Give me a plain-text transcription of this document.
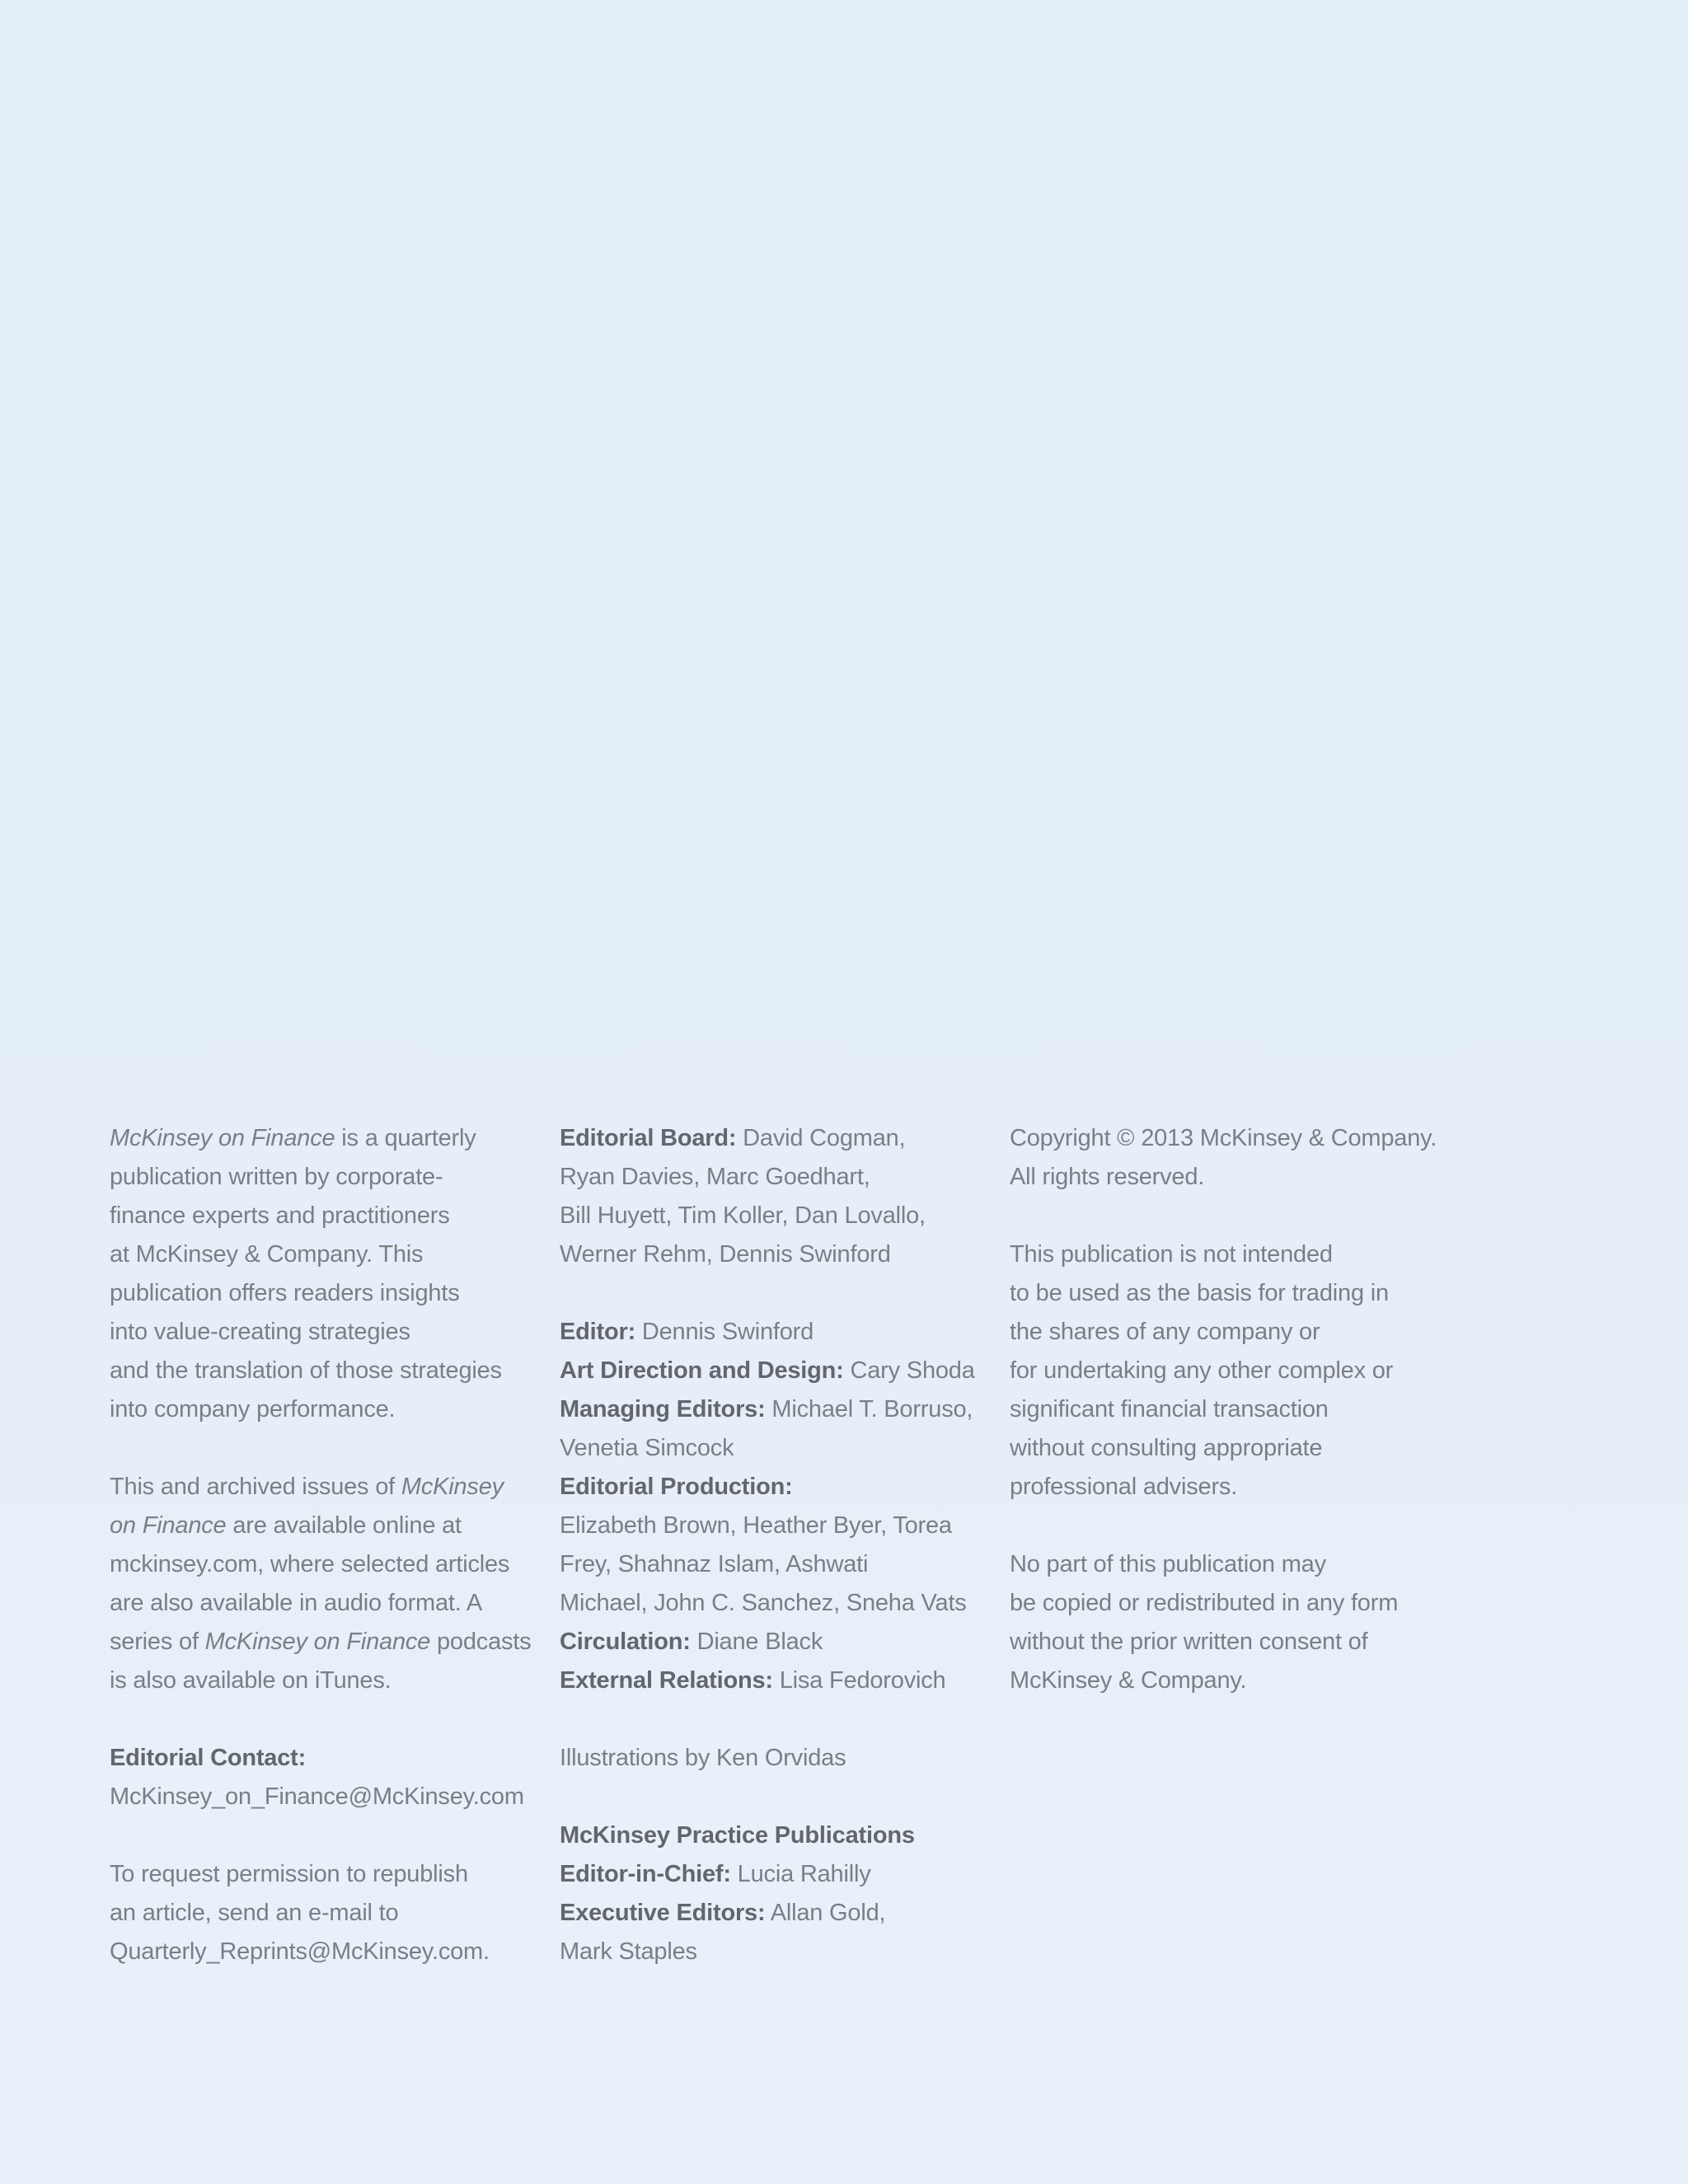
McKinsey on Finance is a quarterly
publication written by corporate-
finance experts and practitioners
at McKinsey & Company. This
publication offers readers insights
into value-creating strategies
and the translation of those strategies
into company performance.
This and archived issues of McKinsey
on Finance are available online at
mckinsey.com, where selected articles
are also available in audio format. A
series of McKinsey on Finance podcasts
is also available on iTunes.
Editorial Contact:
McKinsey_on_Finance@McKinsey.com
To request permission to republish
an article, send an e-mail to
Quarterly_Reprints@McKinsey.com.
Editorial Board: David Cogman,
Ryan Davies, Marc Goedhart,
Bill Huyett, Tim Koller, Dan Lovallo,
Werner Rehm, Dennis Swinford
Editor: Dennis Swinford
Art Direction and Design: Cary Shoda
Managing Editors: Michael T. Borruso,
Venetia Simcock
Editorial Production:
Elizabeth Brown, Heather Byer, Torea
Frey, Shahnaz Islam, Ashwati
Michael, John C. Sanchez, Sneha Vats
Circulation: Diane Black
External Relations: Lisa Fedorovich
Illustrations by Ken Orvidas
McKinsey Practice Publications
Editor-in-Chief: Lucia Rahilly
Executive Editors: Allan Gold,
Mark Staples
Copyright © 2013 McKinsey & Company.
All rights reserved.
This publication is not intended
to be used as the basis for trading in
the shares of any company or
for undertaking any other complex or
significant financial transaction
without consulting appropriate
professional advisers.
No part of this publication may
be copied or redistributed in any form
without the prior written consent of
McKinsey & Company.
